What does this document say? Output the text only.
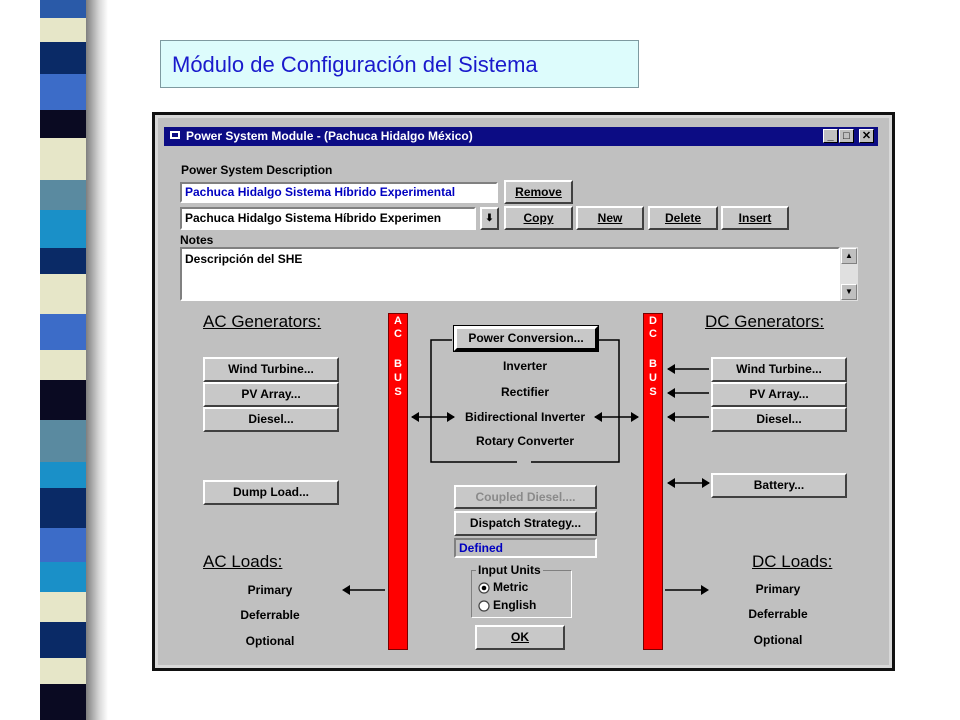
Módulo de Configuración del Sistema
Power System Module - (Pachuca Hidalgo México)	_ □	✕
Power System Description
Pachuca Hidalgo Sistema Híbrido Experimental	Remove
Pachuca Hidalgo Sistema Híbrido Experimen	⬇	Copy	New	Delete	Insert
Notes
Descripción del SHE	▲
▼
AC Generators:
Wind Turbine...
PV Array...
Diesel...
Dump Load...
DC Generators:
Wind Turbine...
PV Array...
Diesel...
Battery...
A
C
B
U
S
D
C
B
U
S
Power Conversion...
Inverter
Rectifier
Bidirectional Inverter
Rotary Converter
Coupled Diesel....
Dispatch Strategy...
Defined
Input Units
Metric
English
OK
AC Loads:
Primary
Deferrable
Optional
DC Loads:
Primary
Deferrable
Optional
